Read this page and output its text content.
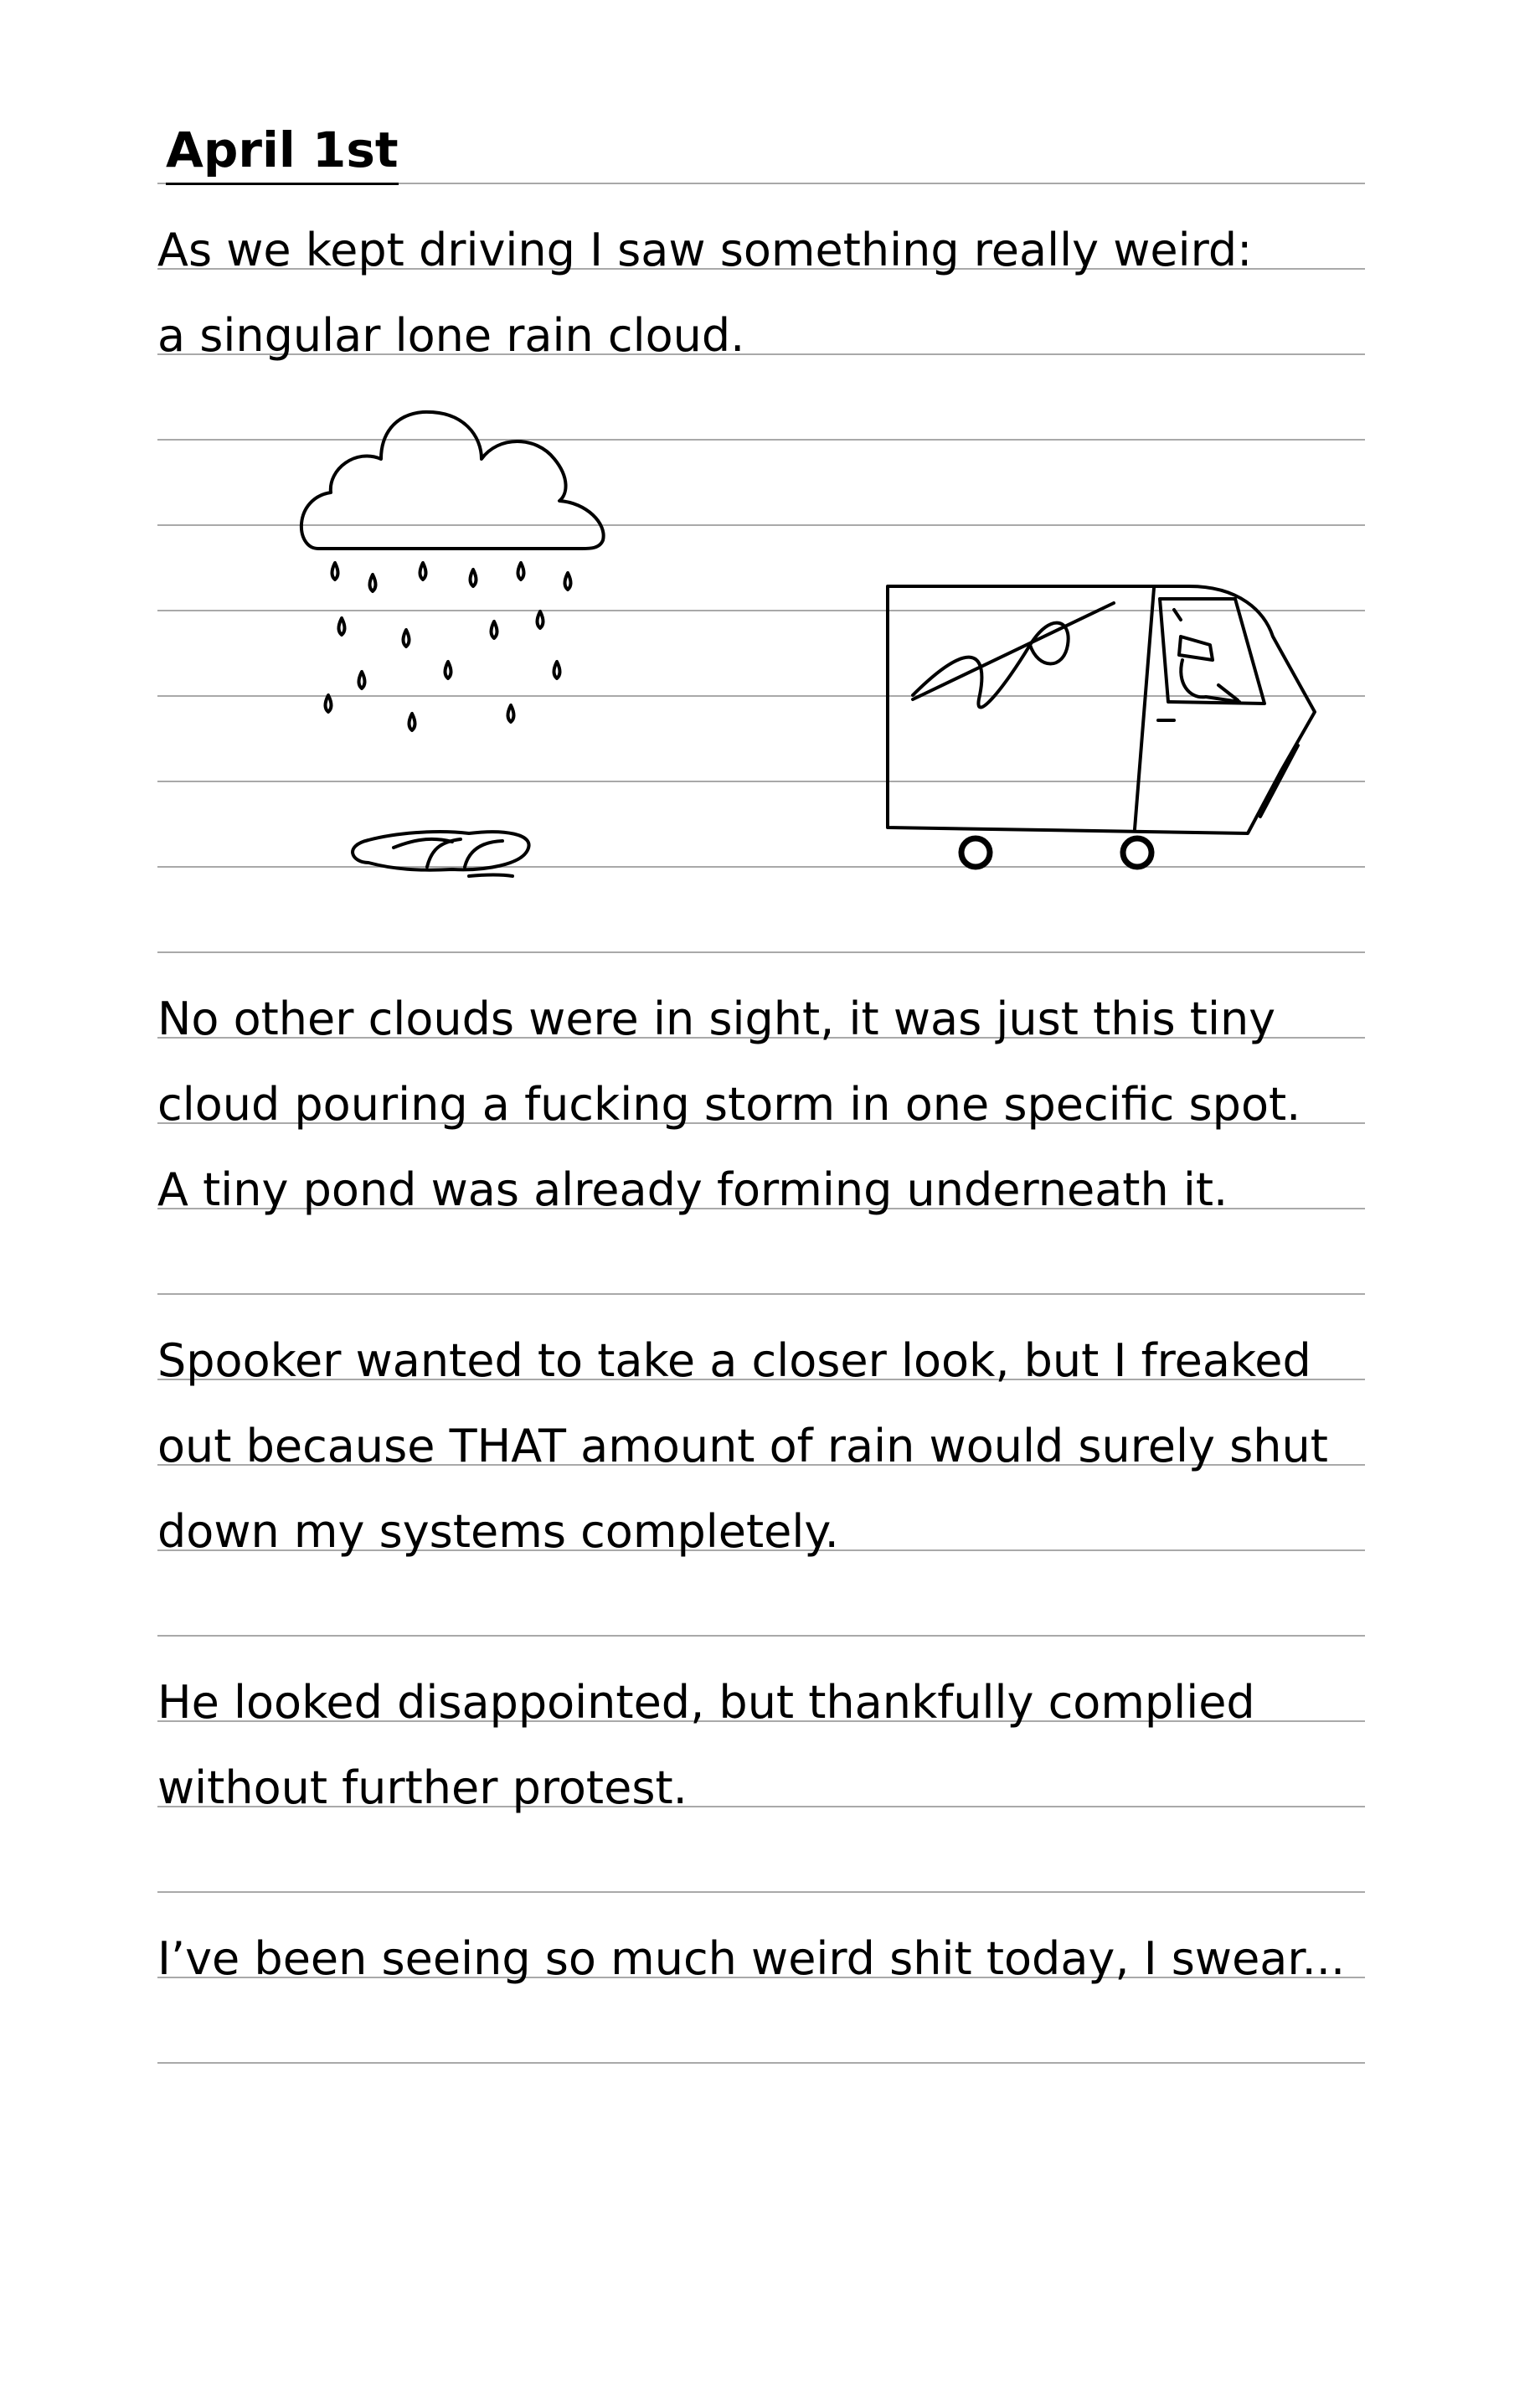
April 1st

As we kept driving I saw something really weird:
a singular lone rain cloud.

No other clouds were in sight, it was just this tiny
cloud pouring a fucking storm in one specific spot.
A tiny pond was already forming underneath it.

Spooker wanted to take a closer look, but I freaked
out because THAT amount of rain would surely shut
down my systems completely.

He looked disappointed, but thankfully complied
without further protest.

I’ve been seeing so much weird shit today, I swear...
